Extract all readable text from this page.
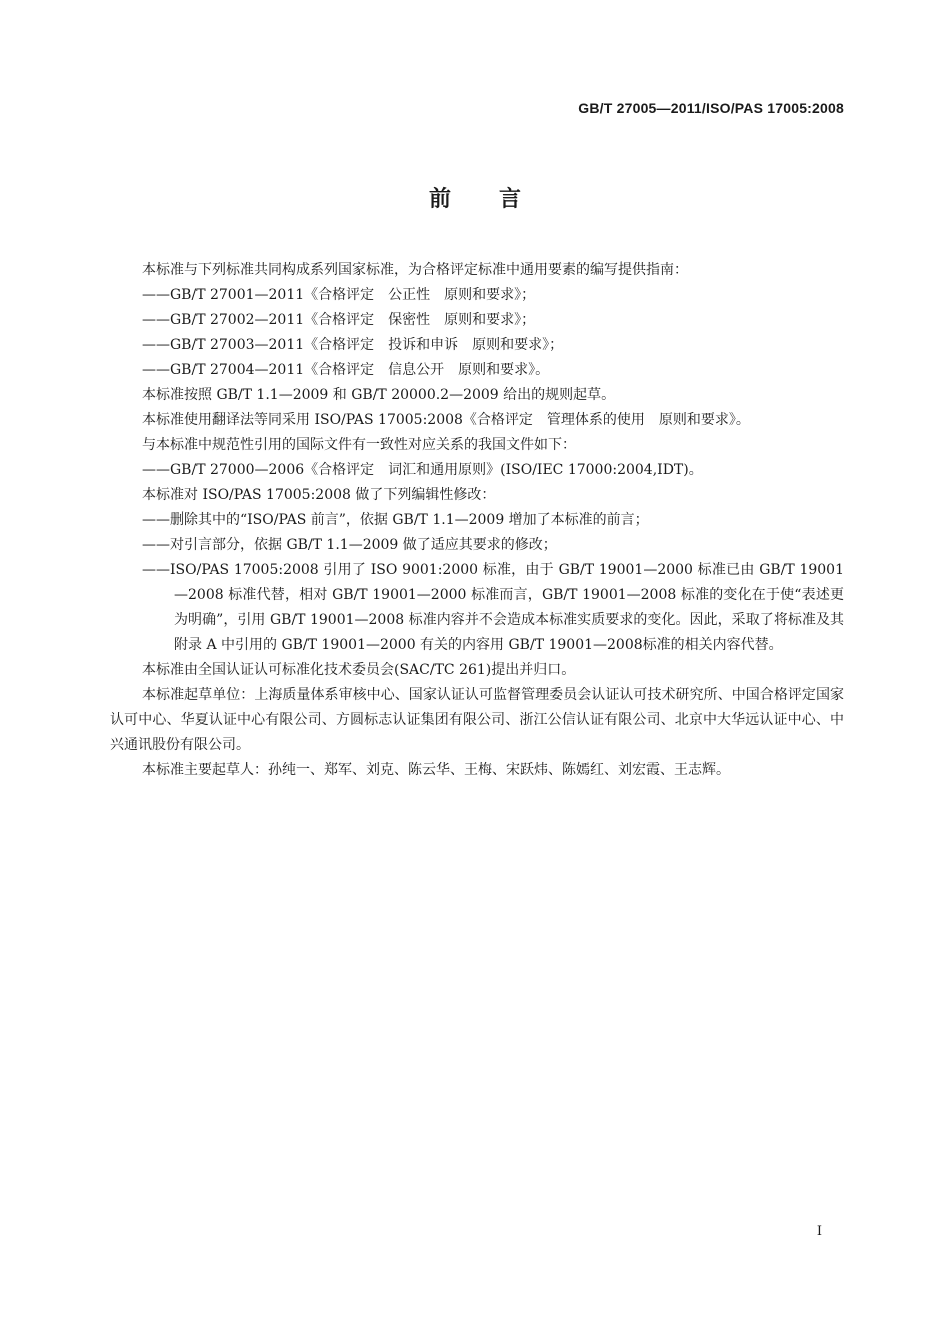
GB/T 27005—2011/ISO/PAS 17005:2008
前言

本标准与下列标准共同构成系列国家标准，为合格评定标准中通用要素的编写提供指南：

——GB/T 27001—2011《合格评定　公正性　原则和要求》；

——GB/T 27002—2011《合格评定　保密性　原则和要求》；

——GB/T 27003—2011《合格评定　投诉和申诉　原则和要求》；

——GB/T 27004—2011《合格评定　信息公开　原则和要求》。

本标准按照 GB/T 1.1—2009 和 GB/T 20000.2—2009 给出的规则起草。

本标准使用翻译法等同采用 ISO/PAS 17005:2008《合格评定　管理体系的使用　原则和要求》。

与本标准中规范性引用的国际文件有一致性对应关系的我国文件如下：

——GB/T 27000—2006《合格评定　词汇和通用原则》(ISO/IEC 17000:2004,IDT)。

本标准对 ISO/PAS 17005:2008 做了下列编辑性修改：

——删除其中的“ISO/PAS 前言”，依据 GB/T 1.1—2009 增加了本标准的前言；

——对引言部分，依据 GB/T 1.1—2009 做了适应其要求的修改；

——ISO/PAS 17005:2008 引用了 ISO 9001:2000 标准，由于 GB/T 19001—2000 标准已由 GB/T 19001—2008 标准代替，相对 GB/T 19001—2000 标准而言，GB/T 19001—2008 标准的变化在于使“表述更为明确”，引用 GB/T 19001—2008 标准内容并不会造成本标准实质要求的变化。因此，采取了将标准及其附录 A 中引用的 GB/T 19001—2000 有关的内容用 GB/T 19001—2008标准的相关内容代替。

本标准由全国认证认可标准化技术委员会(SAC/TC 261)提出并归口。

本标准起草单位：上海质量体系审核中心、国家认证认可监督管理委员会认证认可技术研究所、中国合格评定国家认可中心、华夏认证中心有限公司、方圆标志认证集团有限公司、浙江公信认证有限公司、北京中大华远认证中心、中兴通讯股份有限公司。

本标准主要起草人：孙纯一、郑军、刘克、陈云华、王梅、宋跃炜、陈嫣红、刘宏霞、王志辉。

I
